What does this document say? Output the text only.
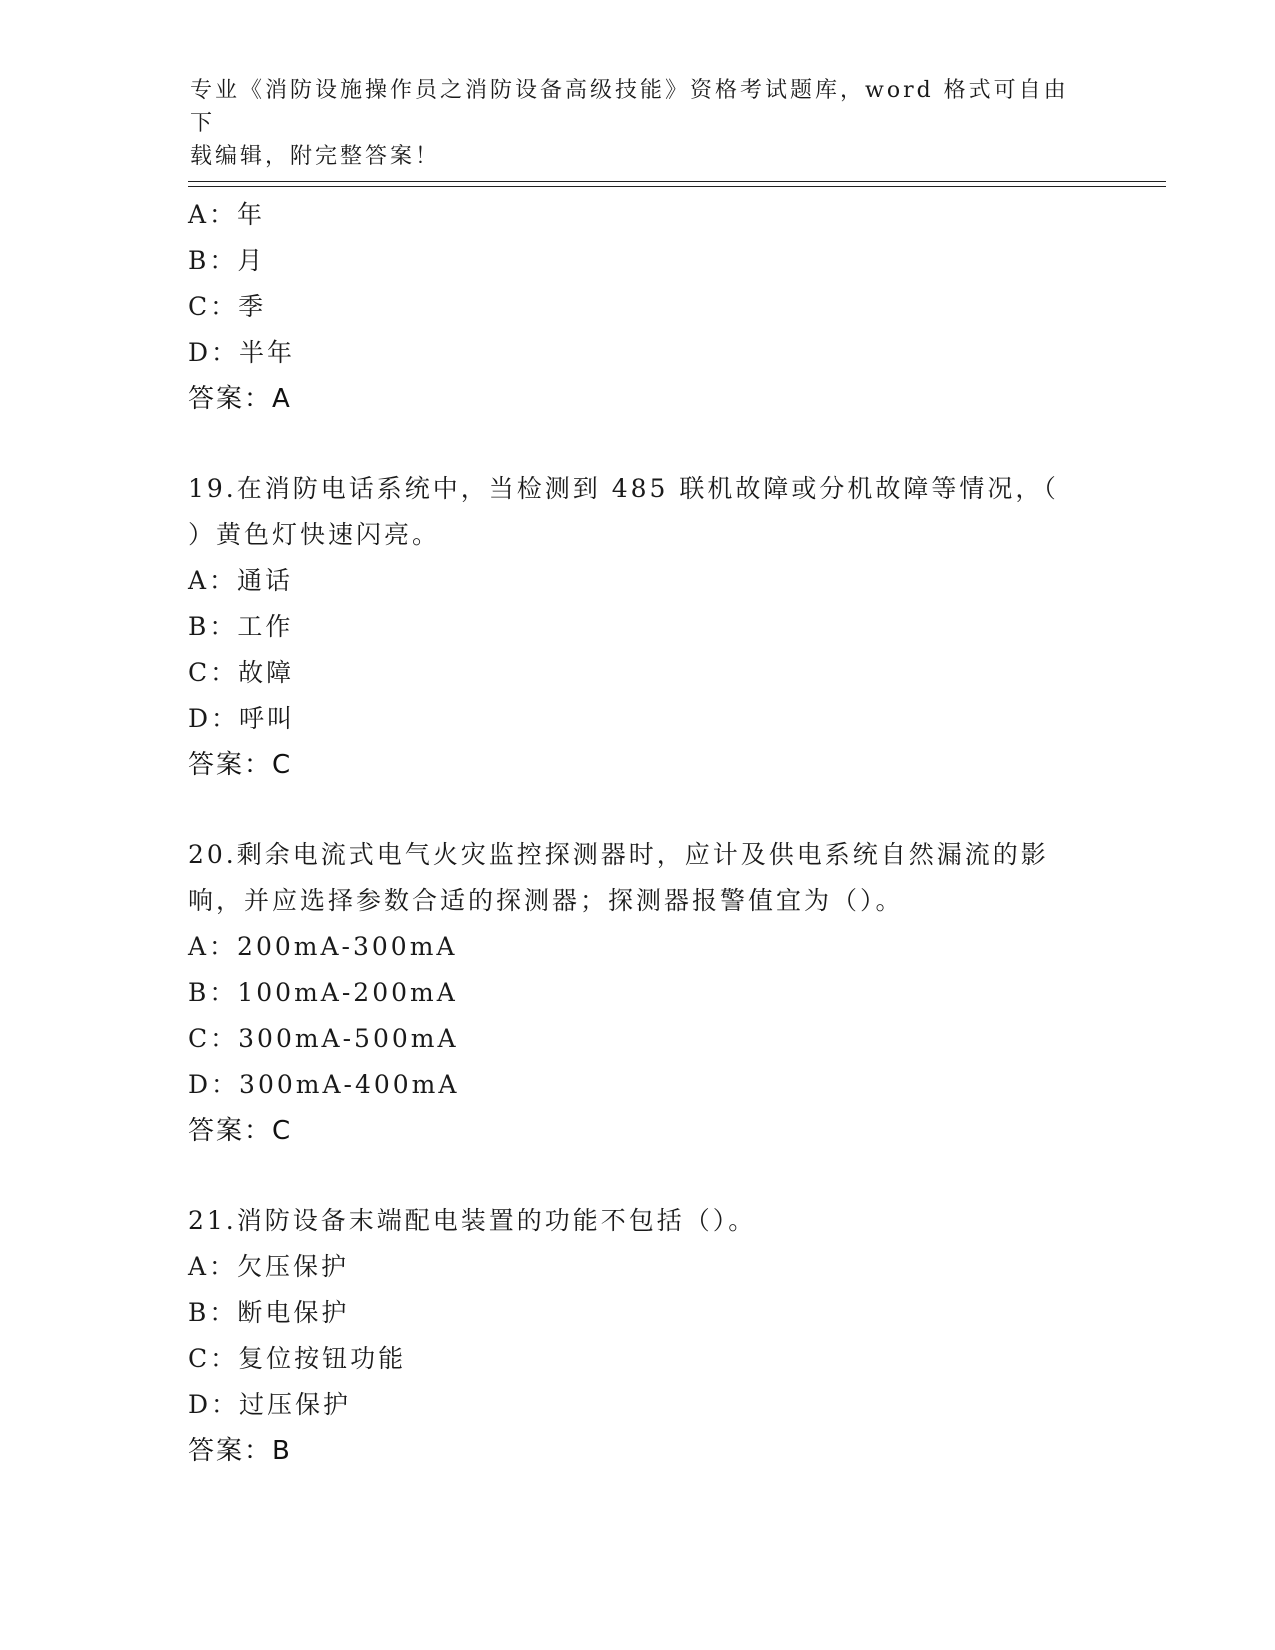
专业《消防设施操作员之消防设备高级技能》资格考试题库，word 格式可自由下
载编辑，附完整答案！
A：年
B：月
C：季
D：半年
答案：A
19.在消防电话系统中，当检测到 485 联机故障或分机故障等情况，（
）黄色灯快速闪亮。
A：通话
B：工作
C：故障
D：呼叫
答案：C
20.剩余电流式电气火灾监控探测器时，应计及供电系统自然漏流的影
响，并应选择参数合适的探测器；探测器报警值宜为（）。
A：200mA-300mA
B：100mA-200mA
C：300mA-500mA
D：300mA-400mA
答案：C
21.消防设备末端配电装置的功能不包括（）。
A：欠压保护
B：断电保护
C：复位按钮功能
D：过压保护
答案：B
